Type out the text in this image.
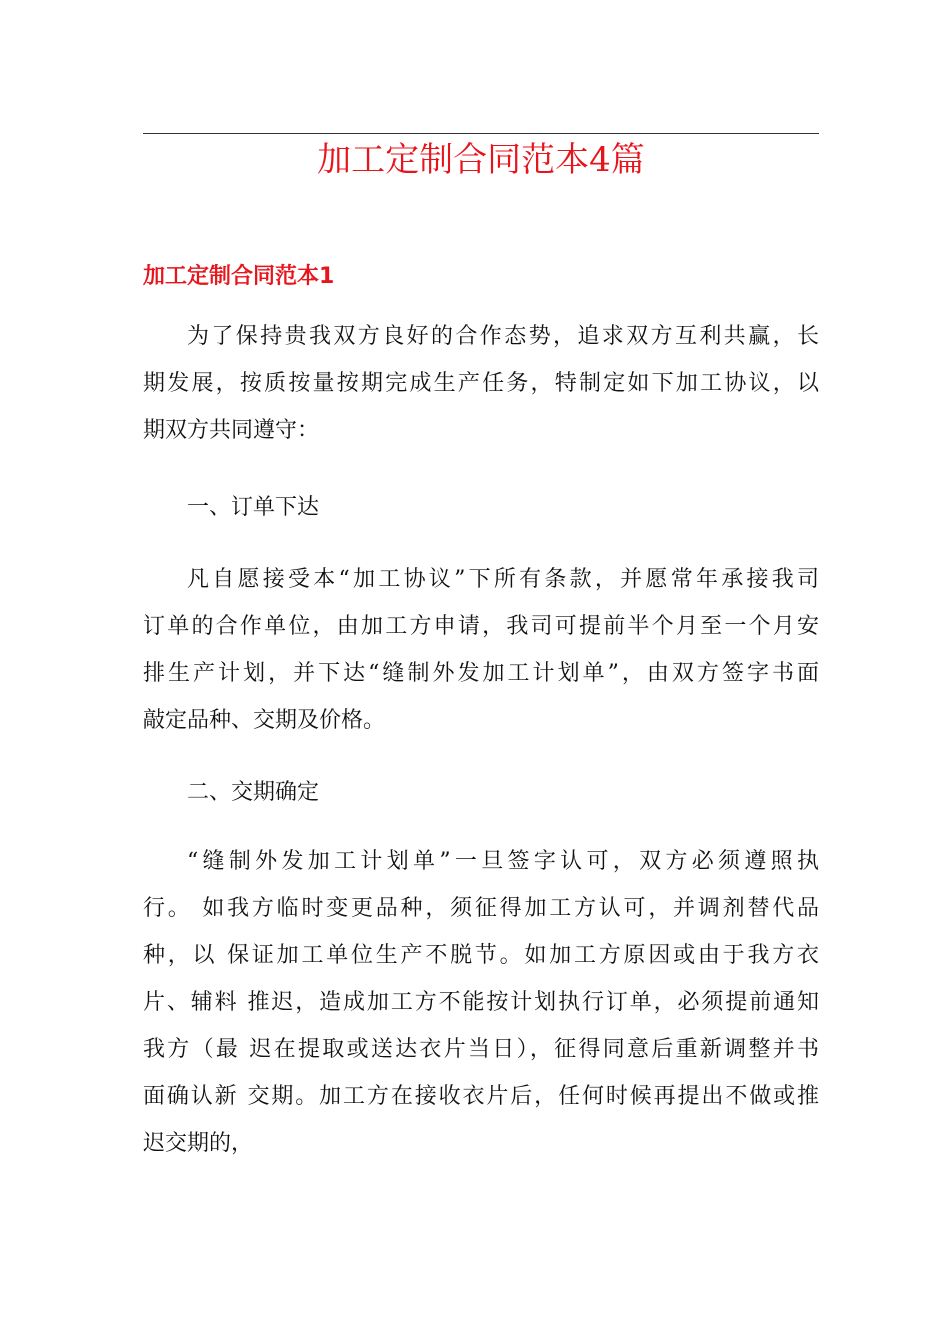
加工定制合同范本4篇
加工定制合同范本1
为了保持贵我双方良好的合作态势，追求双方互利共赢，长
期发展，按质按量按期完成生产任务，特制定如下加工协议，以
期双方共同遵守：
一、订单下达
凡自愿接受本“加工协议”下所有条款，并愿常年承接我司
订单的合作单位，由加工方申请，我司可提前半个月至一个月安
排生产计划，并下达“缝制外发加工计划单”，由双方签字书面
敲定品种、交期及价格。
二、交期确定
“缝制外发加工计划单”一旦签字认可，双方必须遵照执
行。 如我方临时变更品种，须征得加工方认可，并调剂替代品
种，以 保证加工单位生产不脱节。如加工方原因或由于我方衣
片、辅料 推迟，造成加工方不能按计划执行订单，必须提前通知
我方（最 迟在提取或送达衣片当日），征得同意后重新调整并书
面确认新 交期。加工方在接收衣片后，任何时候再提出不做或推
迟交期的，
